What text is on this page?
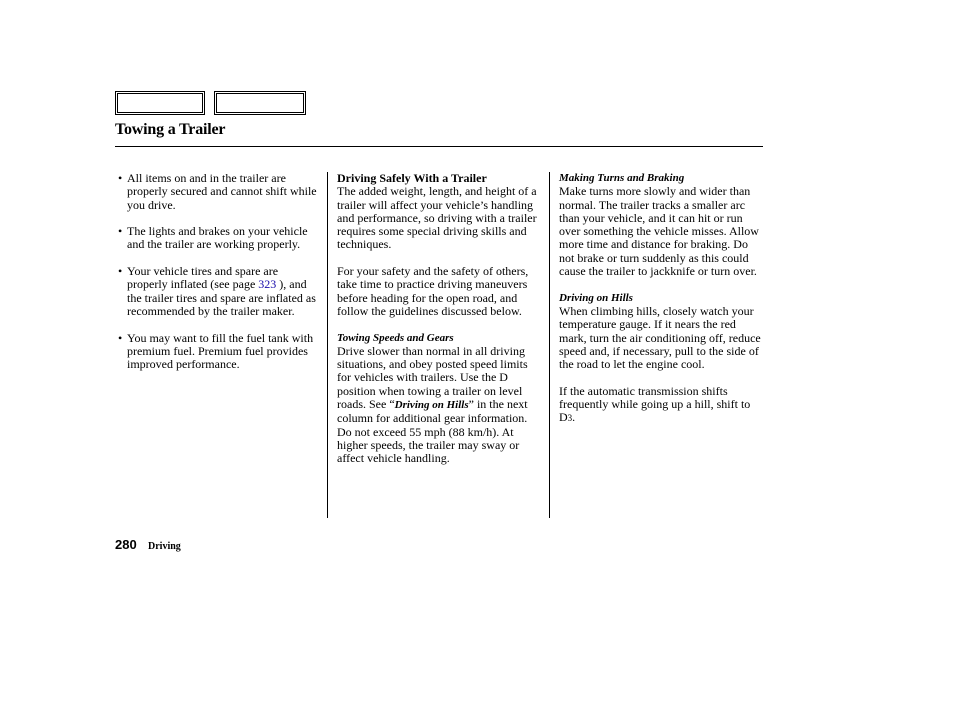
Towing a Trailer
• All items on and in the trailer are properly secured and cannot shift while you drive.
• The lights and brakes on your vehicle and the trailer are working properly.
• Your vehicle tires and spare are properly inflated (see page 323 ), and the trailer tires and spare are inflated as recommended by the trailer maker.
• You may want to fill the fuel tank with premium fuel. Premium fuel provides improved performance.
Driving Safely With a Trailer

The added weight, length, and height of a trailer will affect your vehicle’s handling and performance, so driving with a trailer requires some special driving skills and techniques.

For your safety and the safety of others, take time to practice driving maneuvers before heading for the open road, and follow the guidelines discussed below.

Towing Speeds and Gears

Drive slower than normal in all driving situations, and obey posted speed limits for vehicles with trailers. Use the D position when towing a trailer on level roads. See “Driving on Hills” in the next column for additional gear information. Do not exceed 55 mph (88 km/h). At higher speeds, the trailer may sway or affect vehicle handling.

Making Turns and Braking

Make turns more slowly and wider than normal. The trailer tracks a smaller arc than your vehicle, and it can hit or run over something the vehicle misses. Allow more time and distance for braking. Do not brake or turn suddenly as this could cause the trailer to jackknife or turn over.

Driving on Hills

When climbing hills, closely watch your temperature gauge. If it nears the red mark, turn the air conditioning off, reduce speed and, if necessary, pull to the side of the road to let the engine cool.

If the automatic transmission shifts frequently while going up a hill, shift to D3.

280 Driving
